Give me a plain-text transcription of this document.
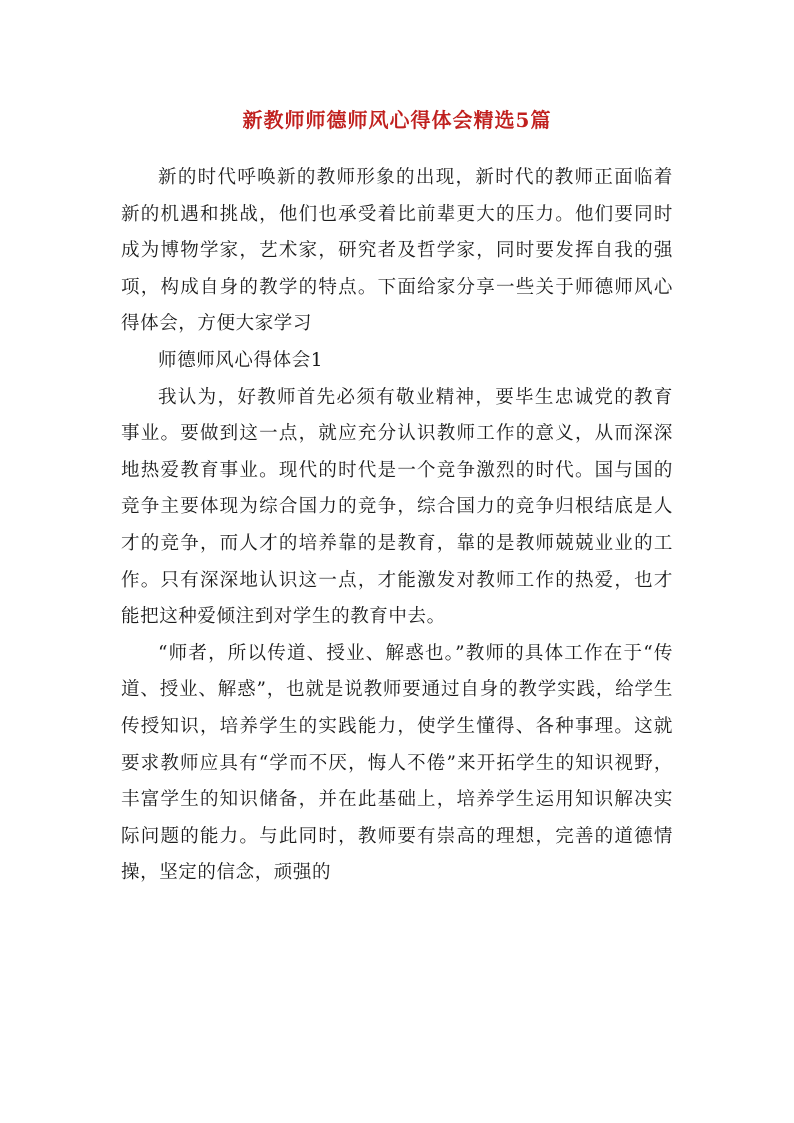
新教师师德师风心得体会精选5篇

新的时代呼唤新的教师形象的出现，新时代的教师正面临着新的机遇和挑战，他们也承受着比前辈更大的压力。他们要同时成为博物学家，艺术家，研究者及哲学家，同时要发挥自我的强项，构成自身的教学的特点。下面给家分享一些关于师德师风心得体会，方便大家学习

师德师风心得体会1

我认为，好教师首先必须有敬业精神，要毕生忠诚党的教育事业。要做到这一点，就应充分认识教师工作的意义，从而深深地热爱教育事业。现代的时代是一个竞争激烈的时代。国与国的竞争主要体现为综合国力的竞争，综合国力的竞争归根结底是人才的竞争，而人才的培养靠的是教育，靠的是教师兢兢业业的工作。只有深深地认识这一点，才能激发对教师工作的热爱，也才能把这种爱倾注到对学生的教育中去。

“师者，所以传道、授业、解惑也。”教师的具体工作在于“传道、授业、解惑”，也就是说教师要通过自身的教学实践，给学生传授知识，培养学生的实践能力，使学生懂得、各种事理。这就要求教师应具有“学而不厌，悔人不倦”来开拓学生的知识视野，丰富学生的知识储备，并在此基础上，培养学生运用知识解决实际问题的能力。与此同时，教师要有崇高的理想，完善的道德情操，坚定的信念，顽强的
